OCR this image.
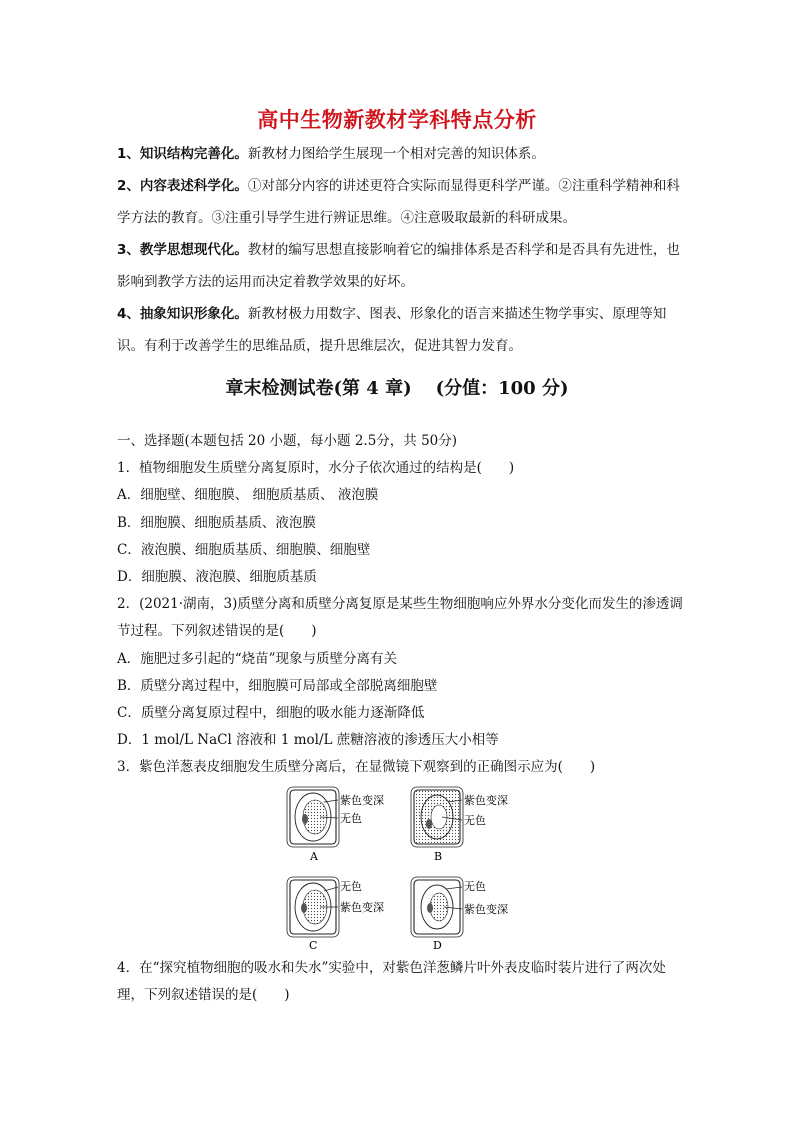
高中生物新教材学科特点分析

1、知识结构完善化。新教材力图给学生展现一个相对完善的知识体系。

2、内容表述科学化。①对部分内容的讲述更符合实际而显得更科学严谨。②注重科学精神和科学方法的教育。③注重引导学生进行辨证思维。④注意吸取最新的科研成果。

3、教学思想现代化。教材的编写思想直接影响着它的编排体系是否科学和是否具有先进性，也影响到教学方法的运用而决定着教学效果的好坏。

4、抽象知识形象化。新教材极力用数字、图表、形象化的语言来描述生物学事实、原理等知识。有利于改善学生的思维品质，提升思维层次，促进其智力发育。

章末检测试卷(第 4 章) (分值：100 分)

一、选择题(本题包括 20 小题，每小题 2.5分，共 50分)

1．植物细胞发生质壁分离复原时，水分子依次通过的结构是(　　)

A．细胞壁、细胞膜、 细胞质基质、 液泡膜

B．细胞膜、细胞质基质、液泡膜

C．液泡膜、细胞质基质、细胞膜、细胞壁

D．细胞膜、液泡膜、细胞质基质

2．(2021·湖南，3)质壁分离和质壁分离复原是某些生物细胞响应外界水分变化而发生的渗透调节过程。下列叙述错误的是(　　)

A．施肥过多引起的“烧苗”现象与质壁分离有关

B．质壁分离过程中，细胞膜可局部或全部脱离细胞壁

C．质壁分离复原过程中，细胞的吸水能力逐渐降低

D．1 mol/L NaCl 溶液和 1 mol/L 蔗糖溶液的渗透压大小相等

3．紫色洋葱表皮细胞发生质壁分离后，在显微镜下观察到的正确图示应为(　　)

紫色变深
无色
紫色变深
无色
无色
紫色变深
无色
紫色变深
A	B
C	D

4．在“探究植物细胞的吸水和失水”实验中，对紫色洋葱鳞片叶外表皮临时装片进行了两次处理，下列叙述错误的是(　　)
